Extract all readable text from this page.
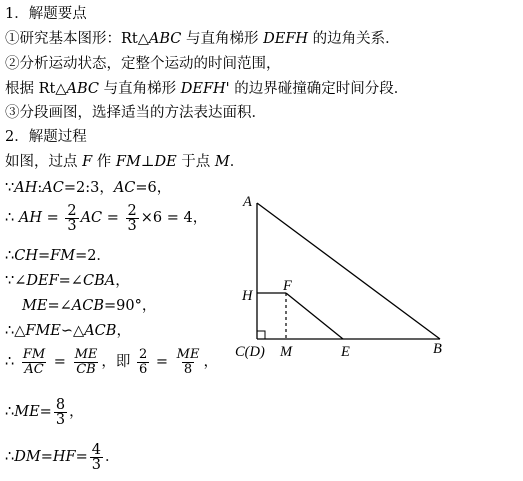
1．解题要点
①研究基本图形：Rt△ABC 与直角梯形 DEFH 的边角关系．
②分析运动状态，定整个运动的时间范围，
根据 Rt△ABC 与直角梯形 DEFH' 的边界碰撞确定时间分段．
③分段画图，选择适当的方法表达面积．
2．解题过程
如图，过点 F 作 FM⊥DE 于点 M．
∵AH:AC=2:3，AC=6，
∴ AH = $\frac{2}{3}$ AC = $\frac{2}{3} \times 6 = 4$，
∴CH=FM=2．
∵∠DEF=∠CBA，
ME=∠ACB=90°，
∴△FME∽△ACB，
∴ $\frac{FM}{AC} = \frac{ME}{CB}$ ，即 $\frac{2}{6} = \frac{ME}{8}$ ，
∴ME= $\frac{8}{3}$ ，
∴DM=HF= $\frac{4}{3}$ ．
A
H
F
C(D) M	E	B
